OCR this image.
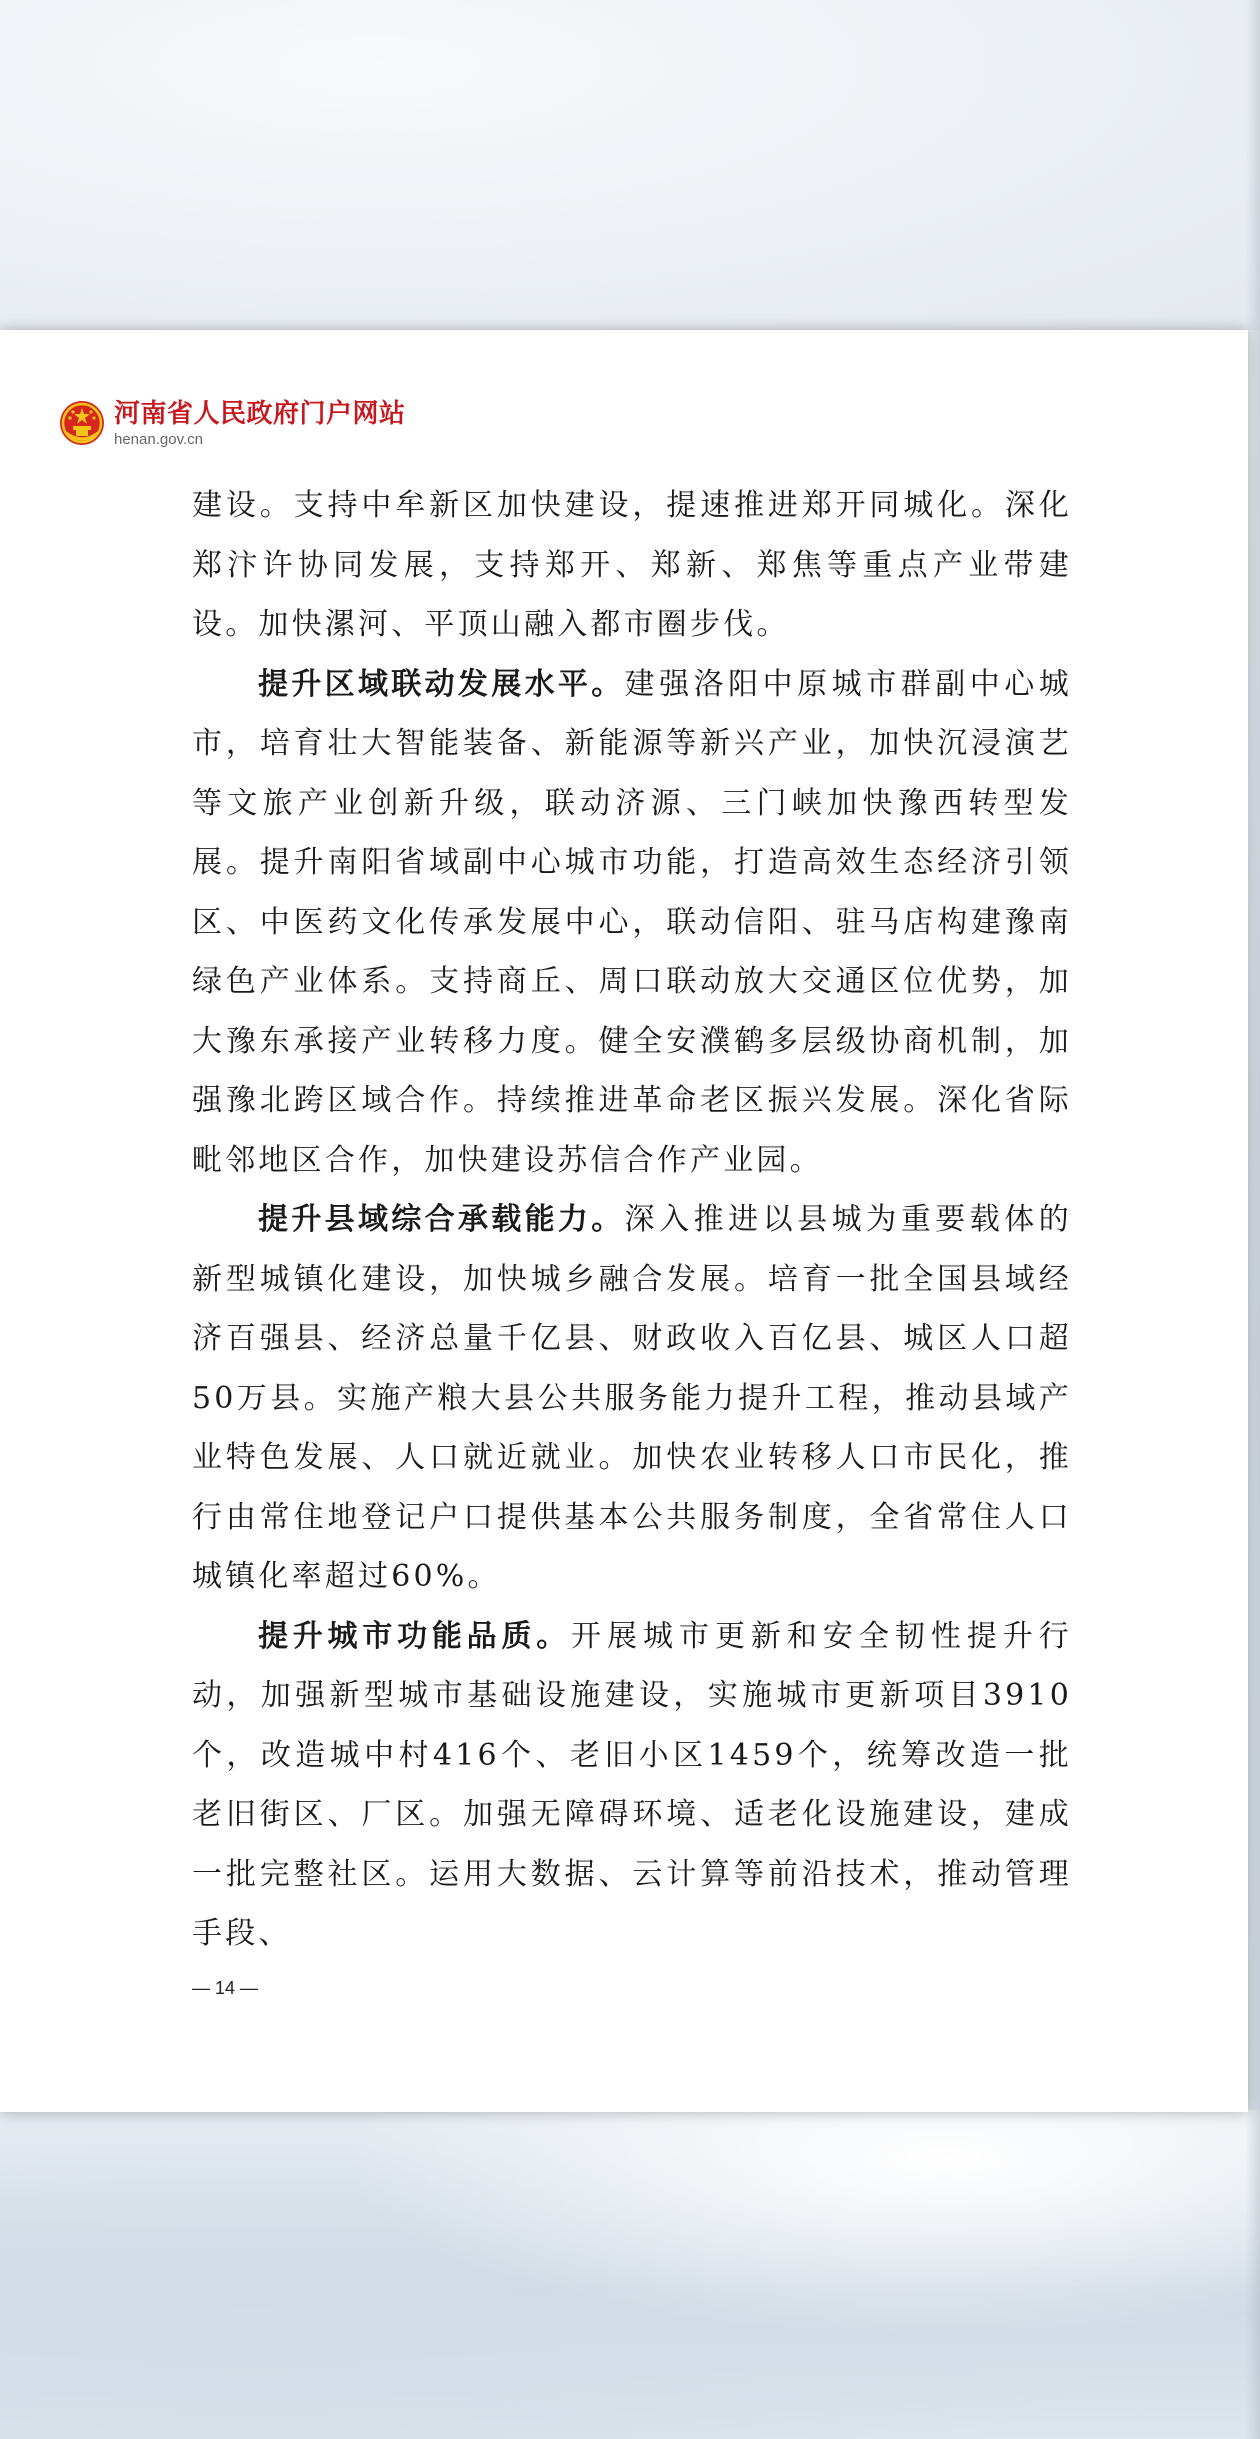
河南省人民政府门户网站
henan.gov.cn

建设。支持中牟新区加快建设，提速推进郑开同城化。深化郑汴许协同发展，支持郑开、郑新、郑焦等重点产业带建设。加快漯河、平顶山融入都市圈步伐。

提升区域联动发展水平。建强洛阳中原城市群副中心城市，培育壮大智能装备、新能源等新兴产业，加快沉浸演艺等文旅产业创新升级，联动济源、三门峡加快豫西转型发展。提升南阳省域副中心城市功能，打造高效生态经济引领区、中医药文化传承发展中心，联动信阳、驻马店构建豫南绿色产业体系。支持商丘、周口联动放大交通区位优势，加大豫东承接产业转移力度。健全安濮鹤多层级协商机制，加强豫北跨区域合作。持续推进革命老区振兴发展。深化省际毗邻地区合作，加快建设苏信合作产业园。

提升县域综合承载能力。深入推进以县城为重要载体的新型城镇化建设，加快城乡融合发展。培育一批全国县域经济百强县、经济总量千亿县、财政收入百亿县、城区人口超50万县。实施产粮大县公共服务能力提升工程，推动县域产业特色发展、人口就近就业。加快农业转移人口市民化，推行由常住地登记户口提供基本公共服务制度，全省常住人口城镇化率超过60%。

提升城市功能品质。开展城市更新和安全韧性提升行动，加强新型城市基础设施建设，实施城市更新项目3910个，改造城中村416个、老旧小区1459个，统筹改造一批老旧街区、厂区。加强无障碍环境、适老化设施建设，建成一批完整社区。运用大数据、云计算等前沿技术，推动管理手段、

— 14 —
